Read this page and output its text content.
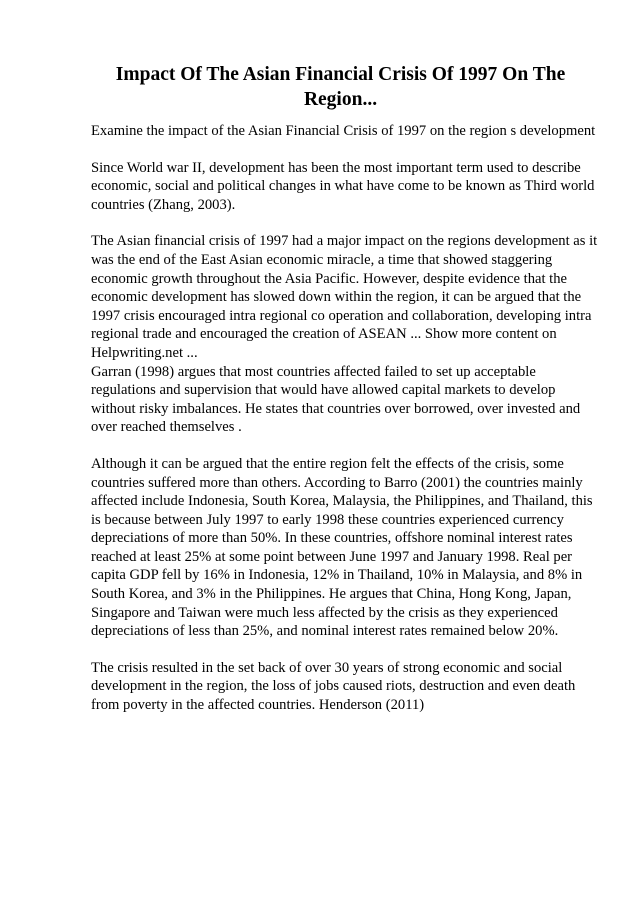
Impact Of The Asian Financial Crisis Of 1997 On The Region...

Examine the impact of the Asian Financial Crisis of 1997 on the region s development

Since World war II, development has been the most important term used to describe economic, social and political changes in what have come to be known as Third world countries (Zhang, 2003).

The Asian financial crisis of 1997 had a major impact on the regions development as it was the end of the East Asian economic miracle, a time that showed staggering economic growth throughout the Asia Pacific. However, despite evidence that the economic development has slowed down within the region, it can be argued that the 1997 crisis encouraged intra regional co operation and collaboration, developing intra regional trade and encouraged the creation of ASEAN ... Show more content on Helpwriting.net ...

Garran (1998) argues that most countries affected failed to set up acceptable regulations and supervision that would have allowed capital markets to develop without risky imbalances. He states that countries over borrowed, over invested and over reached themselves .

Although it can be argued that the entire region felt the effects of the crisis, some countries suffered more than others. According to Barro (2001) the countries mainly affected include Indonesia, South Korea, Malaysia, the Philippines, and Thailand, this is because between July 1997 to early 1998 these countries experienced currency depreciations of more than 50%. In these countries, offshore nominal interest rates reached at least 25% at some point between June 1997 and January 1998. Real per capita GDP fell by 16% in Indonesia, 12% in Thailand, 10% in Malaysia, and 8% in South Korea, and 3% in the Philippines. He argues that China, Hong Kong, Japan, Singapore and Taiwan were much less affected by the crisis as they experienced depreciations of less than 25%, and nominal interest rates remained below 20%.

The crisis resulted in the set back of over 30 years of strong economic and social development in the region, the loss of jobs caused riots, destruction and even death from poverty in the affected countries. Henderson (2011)
